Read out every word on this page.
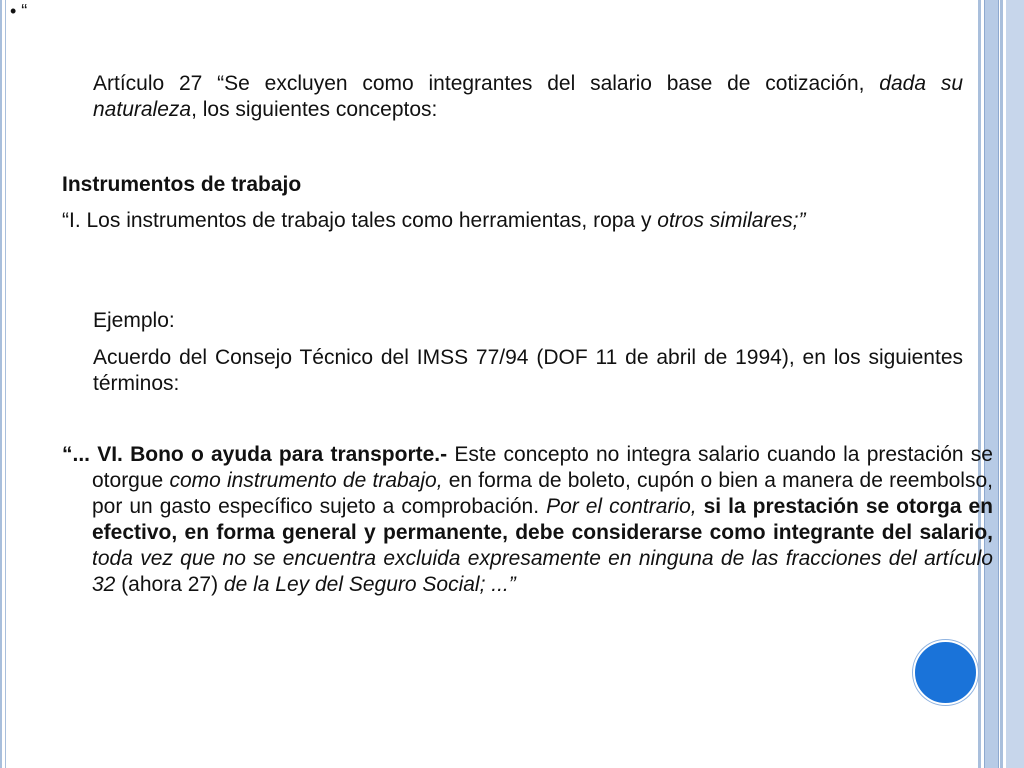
• “

Artículo 27 “Se excluyen como integrantes del salario base de cotización, dada su naturaleza, los siguientes conceptos:

Instrumentos de trabajo

“I. Los instrumentos de trabajo tales como herramientas, ropa y otros similares;”

Ejemplo:

Acuerdo del Consejo Técnico del IMSS 77/94 (DOF 11 de abril de 1994), en los siguientes términos:

“... VI. Bono o ayuda para transporte.- Este concepto no integra salario cuando la prestación se otorgue como instrumento de trabajo, en forma de boleto, cupón o bien a manera de reembolso, por un gasto específico sujeto a comprobación. Por el contrario, si la prestación se otorga en efectivo, en forma general y permanente, debe considerarse como integrante del salario, toda vez que no se encuentra excluida expresamente en ninguna de las fracciones del artículo 32 (ahora 27) de la Ley del Seguro Social; ...”
